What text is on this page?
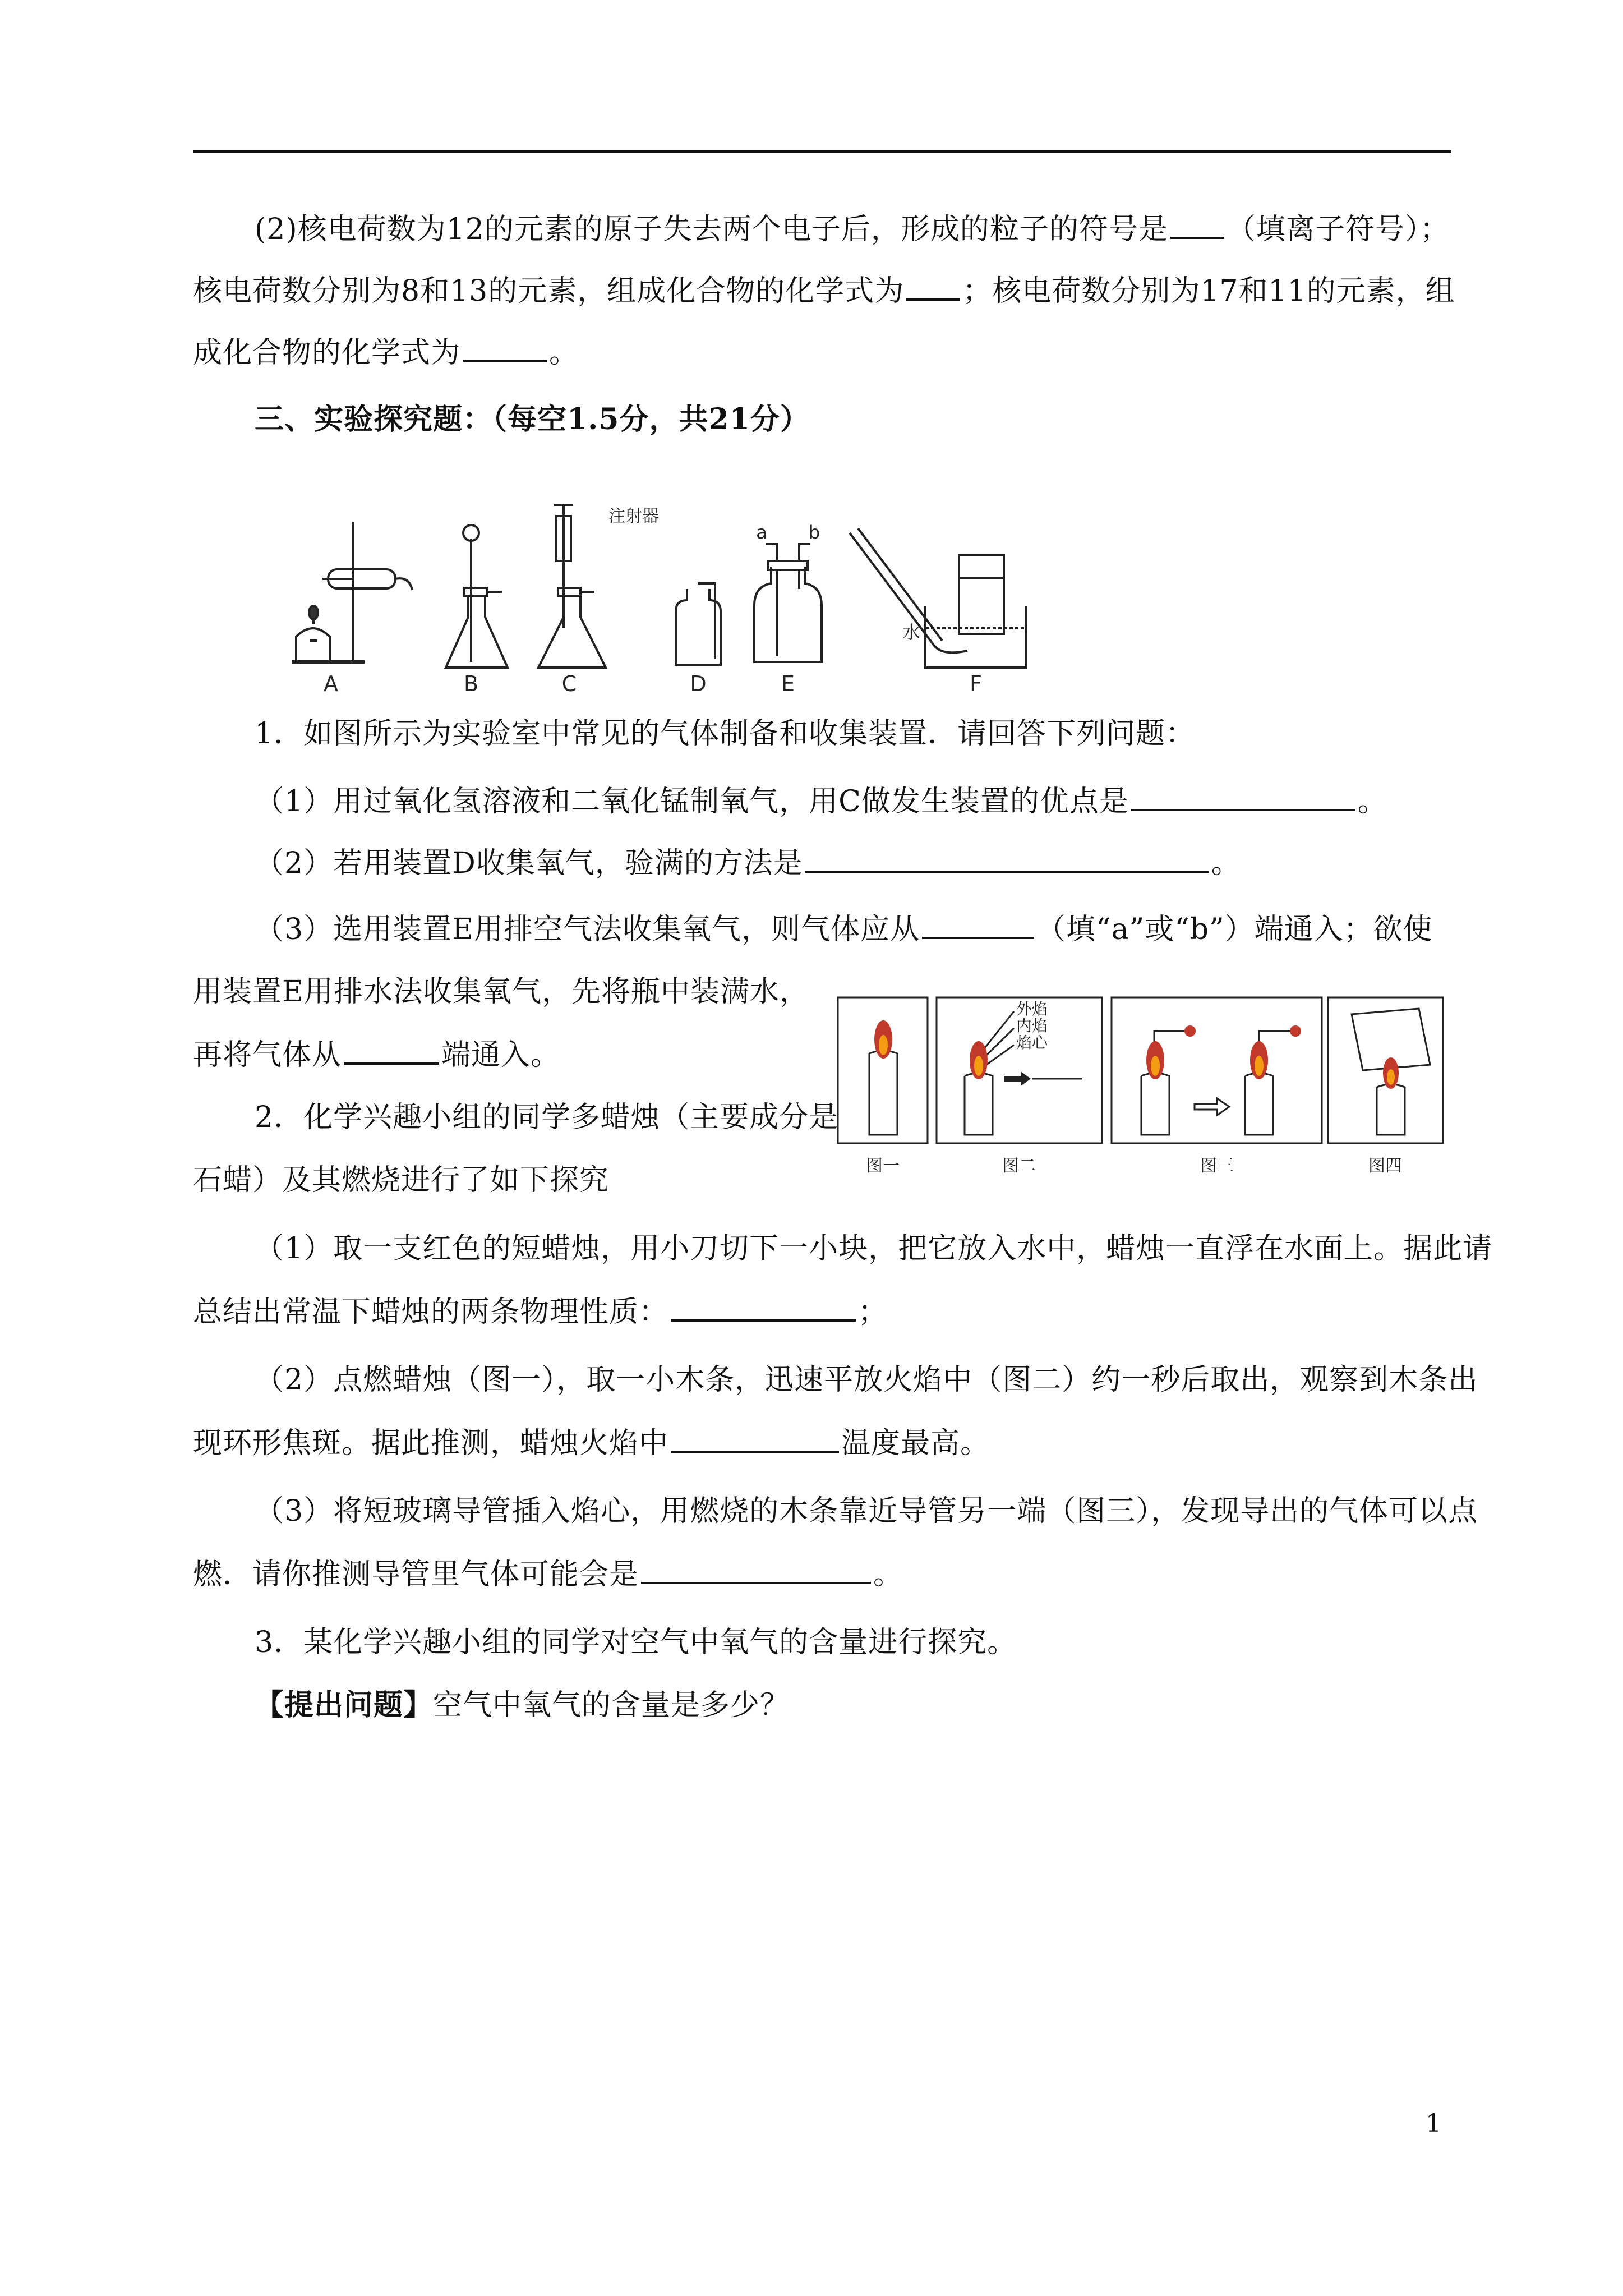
(2)核电荷数为12的元素的原子失去两个电子后，形成的粒子的符号是 （填离子符号）；
核电荷数分别为8和13的元素，组成化合物的化学式为 ；核电荷数分别为17和11的元素，组
成化合物的化学式为	。
三、实验探究题：（每空1.5分，共21分）
A	B	C	D	E	F
注射器
a b
水
1．如图所示为实验室中常见的气体制备和收集装置．请回答下列问题：
（1）用过氧化氢溶液和二氧化锰制氧气，用C做发生装置的优点是	。
（2）若用装置D收集氧气，验满的方法是	。
（3）选用装置E用排空气法收集氧气，则气体应从	（填“a”或“b”）端通入；欲使
用装置E用排水法收集氧气，先将瓶中装满水，
再将气体从	端通入。
外焰
内焰
焰心
图一	图二	图三	图四
2．化学兴趣小组的同学多蜡烛（主要成分是
石蜡）及其燃烧进行了如下探究
（1）取一支红色的短蜡烛，用小刀切下一小块，把它放入水中，蜡烛一直浮在水面上。据此请
总结出常温下蜡烛的两条物理性质：	；
（2）点燃蜡烛（图一），取一小木条，迅速平放火焰中（图二）约一秒后取出，观察到木条出
现环形焦斑。据此推测，蜡烛火焰中	温度最高。
（3）将短玻璃导管插入焰心，用燃烧的木条靠近导管另一端（图三），发现导出的气体可以点
燃．请你推测导管里气体可能会是	。
3．某化学兴趣小组的同学对空气中氧气的含量进行探究。
【提出问题】空气中氧气的含量是多少？
1
